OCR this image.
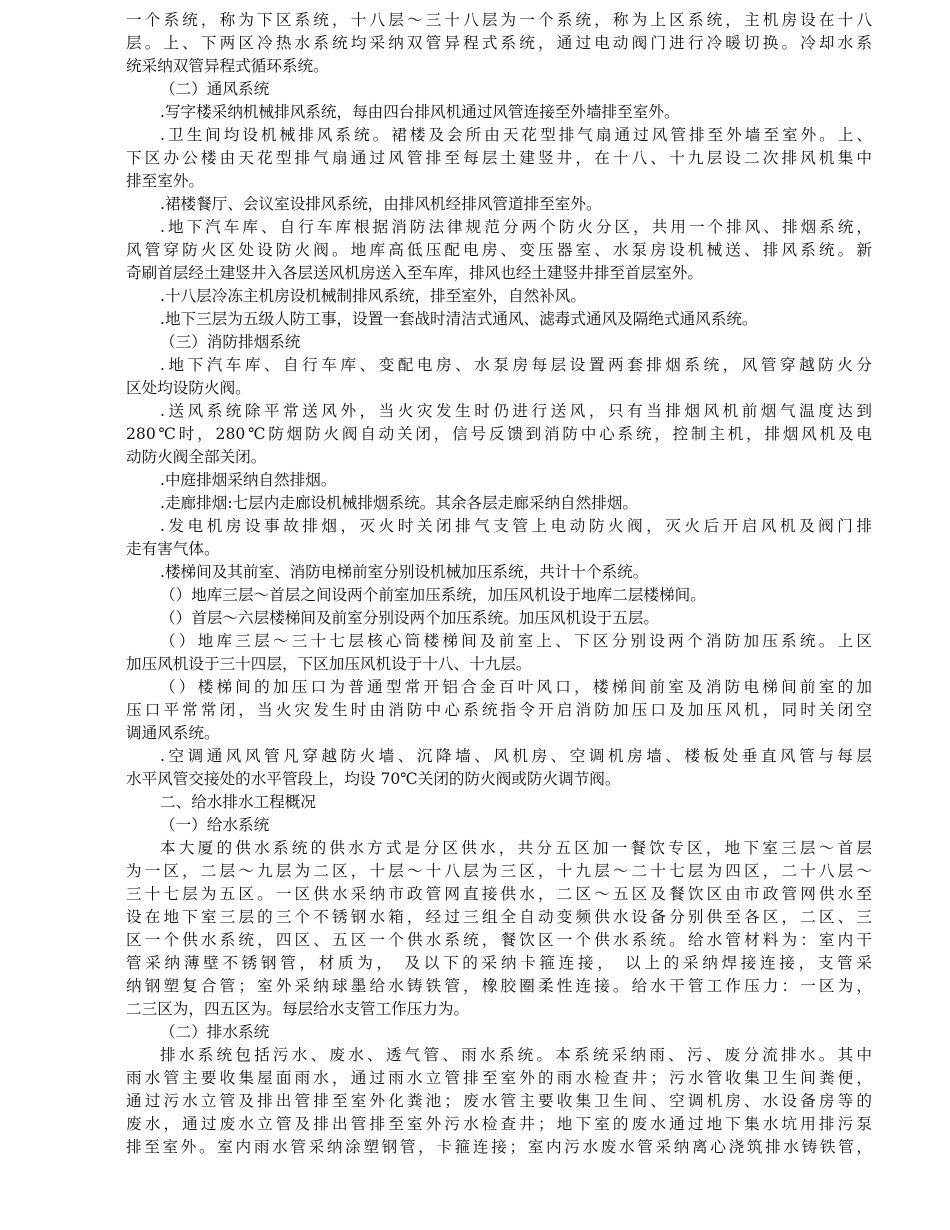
一个系统，称为下区系统，十八层～三十八层为一个系统，称为上区系统，主机房设在十八
层。上、下两区冷热水系统均采纳双管异程式系统，通过电动阀门进行冷暖切换。冷却水系
统采纳双管异程式循环系统。
（二）通风系统
.写字楼采纳机械排风系统，每由四台排风机通过风管连接至外墙排至室外。
.卫生间均设机械排风系统。裙楼及会所由天花型排气扇通过风管排至外墙至室外。上、
下区办公楼由天花型排气扇通过风管排至每层土建竖井，在十八、十九层设二次排风机集中
排至室外。
.裙楼餐厅、会议室设排风系统，由排风机经排风管道排至室外。
.地下汽车库、自行车库根据消防法律规范分两个防火分区，共用一个排风、排烟系统，
风管穿防火区处设防火阀。地库高低压配电房、变压器室、水泵房设机械送、排风系统。新
奇刷首层经土建竖井入各层送风机房送入至车库，排风也经土建竖井排至首层室外。
.十八层冷冻主机房设机械制排风系统，排至室外，自然补风。
.地下三层为五级人防工事，设置一套战时清洁式通风、滤毒式通风及隔绝式通风系统。
（三）消防排烟系统
.地下汽车库、自行车库、变配电房、水泵房每层设置两套排烟系统，风管穿越防火分
区处均设防火阀。
.送风系统除平常送风外，当火灾发生时仍进行送风，只有当排烟风机前烟气温度达到
280℃时，280℃防烟防火阀自动关闭，信号反馈到消防中心系统，控制主机，排烟风机及电
动防火阀全部关闭。
.中庭排烟采纳自然排烟。
.走廊排烟:七层内走廊设机械排烟系统。其余各层走廊采纳自然排烟。
.发电机房设事故排烟，灭火时关闭排气支管上电动防火阀，灭火后开启风机及阀门排
走有害气体。
.楼梯间及其前室、消防电梯前室分别设机械加压系统，共计十个系统。
（）地库三层～首层之间设两个前室加压系统，加压风机设于地库二层楼梯间。
（）首层～六层楼梯间及前室分别设两个加压系统。加压风机设于五层。
（）地库三层～三十七层核心筒楼梯间及前室上、下区分别设两个消防加压系统。上区
加压风机设于三十四层，下区加压风机设于十八、十九层。
（）楼梯间的加压口为普通型常开铝合金百叶风口，楼梯间前室及消防电梯间前室的加
压口平常常闭，当火灾发生时由消防中心系统指令开启消防加压口及加压风机，同时关闭空
调通风系统。
.空调通风风管凡穿越防火墙、沉降墙、风机房、空调机房墙、楼板处垂直风管与每层
水平风管交接处的水平管段上，均设 70℃关闭的防火阀或防火调节阀。
二、给水排水工程概况
（一）给水系统
本大厦的供水系统的供水方式是分区供水，共分五区加一餐饮专区，地下室三层～首层
为一区，二层～九层为二区，十层～十八层为三区，十九层～二十七层为四区，二十八层～
三十七层为五区。一区供水采纳市政管网直接供水，二区～五区及餐饮区由市政管网供水至
设在地下室三层的三个不锈钢水箱，经过三组全自动变频供水设备分别供至各区，二区、三
区一个供水系统，四区、五区一个供水系统，餐饮区一个供水系统。给水管材料为：室内干
管采纳薄壁不锈钢管，材质为， 及以下的采纳卡箍连接， 以上的采纳焊接连接，支管采
纳钢塑复合管；室外采纳球墨给水铸铁管，橡胶圈柔性连接。给水干管工作压力：一区为，
二三区为，四五区为。每层给水支管工作压力为。
（二）排水系统
排水系统包括污水、废水、透气管、雨水系统。本系统采纳雨、污、废分流排水。其中
雨水管主要收集屋面雨水，通过雨水立管排至室外的雨水检查井；污水管收集卫生间粪便，
通过污水立管及排出管排至室外化粪池；废水管主要收集卫生间、空调机房、水设备房等的
废水，通过废水立管及排出管排至室外污水检查井；地下室的废水通过地下集水坑用排污泵
排至室外。室内雨水管采纳涂塑钢管，卡箍连接；室内污水废水管采纳离心浇筑排水铸铁管，
